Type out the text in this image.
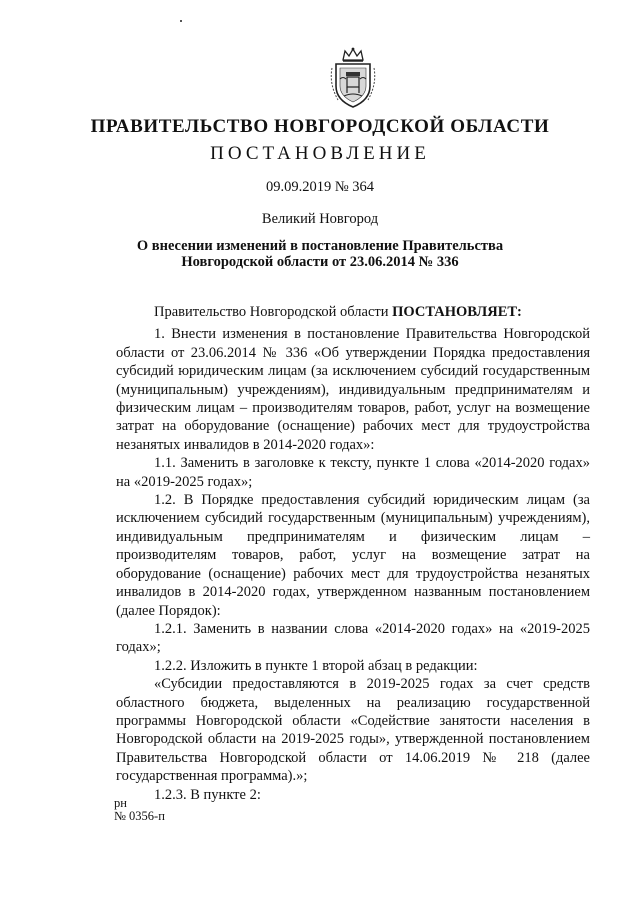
ПРАВИТЕЛЬСТВО НОВГОРОДСКОЙ ОБЛАСТИ
ПОСТАНОВЛЕНИЕ
09.09.2019 № 364
Великий Новгород
О внесении изменений в постановление Правительства
Новгородской области от 23.06.2014 № 336

Правительство Новгородской области ПОСТАНОВЛЯЕТ:

1. Внести изменения в постановление Правительства Новгородской области от 23.06.2014 № 336 «Об утверждении Порядка предоставления субсидий юридическим лицам (за исключением субсидий государственным (муниципальным) учреждениям), индивидуальным предпринимателям и физическим лицам – производителям товаров, работ, услуг на возмещение затрат на оборудование (оснащение) рабочих мест для трудоустройства незанятых инвалидов в 2014-2020 годах»:

1.1. Заменить в заголовке к тексту, пункте 1 слова «2014-2020 годах» на «2019-2025 годах»;

1.2. В Порядке предоставления субсидий юридическим лицам (за исключением субсидий государственным (муниципальным) учреждениям), индивидуальным предпринимателям и физическим лицам – производителям товаров, работ, услуг на возмещение затрат на оборудование (оснащение) рабочих мест для трудоустройства незанятых инвалидов в 2014-2020 годах, утвержденном названным постановлением (далее Порядок):

1.2.1. Заменить в названии слова «2014-2020 годах» на «2019-2025 годах»;

1.2.2. Изложить в пункте 1 второй абзац в редакции:

«Субсидии предоставляются в 2019-2025 годах за счет средств областного бюджета, выделенных на реализацию государственной программы Новгородской области «Содействие занятости населения в Новгородской области на 2019-2025 годы», утвержденной постановлением Правительства Новгородской области от 14.06.2019 № 218 (далее государственная программа).»;

1.2.3. В пункте 2:

рн
№ 0356-п
